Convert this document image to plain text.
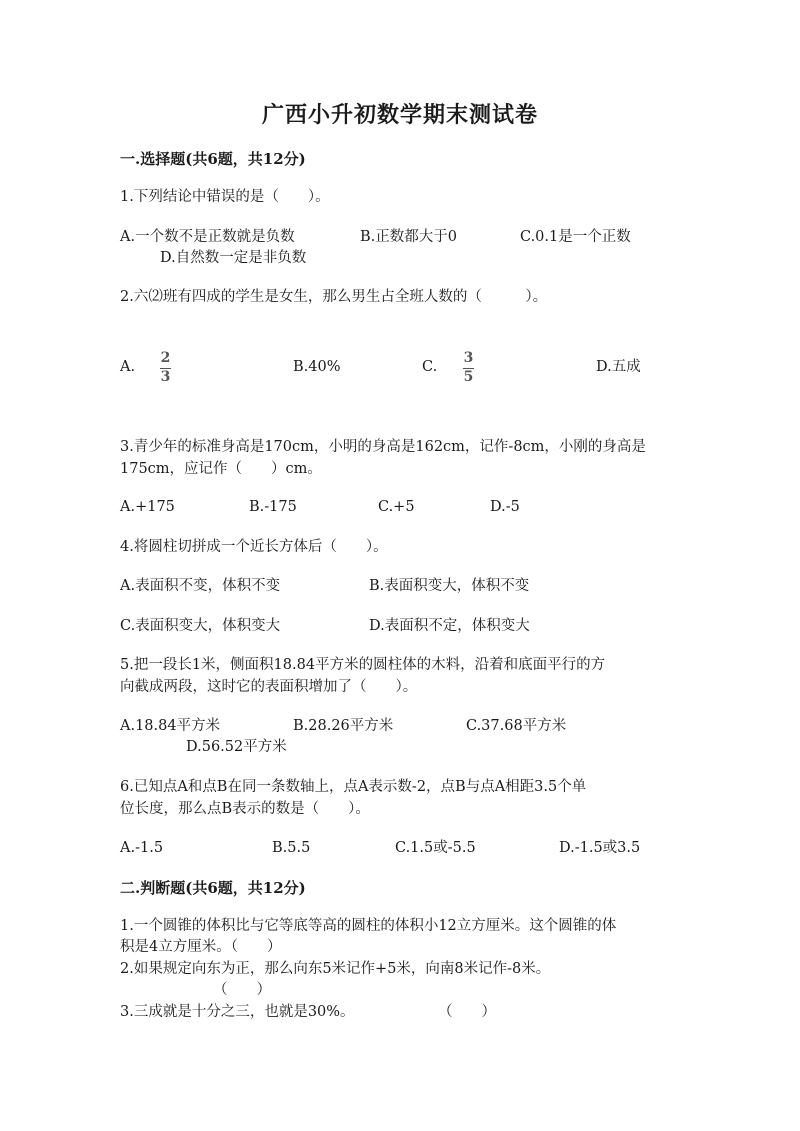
广西小升初数学期末测试卷
一.选择题(共6题，共12分)
1.下列结论中错误的是（　　）。
A.一个数不是正数就是负数	B.正数都大于0	C.0.1是一个正数
D.自然数一定是非负数
2.六⑵班有四成的学生是女生，那么男生占全班人数的（　　　）。
A.
2
3
B.40%	C.
3
5
D.五成
3.青少年的标准身高是170cm，小明的身高是162cm，记作-8cm，小刚的身高是
175cm，应记作（　　）cm。
A.+175	B.-175	C.+5	D.-5
4.将圆柱切拼成一个近长方体后（　　）。
A.表面积不变，体积不变	B.表面积变大，体积不变
C.表面积变大，体积变大	D.表面积不定，体积变大
5.把一段长1米，侧面积18.84平方米的圆柱体的木料，沿着和底面平行的方
向截成两段，这时它的表面积增加了（　　）。
A.18.84平方米	B.28.26平方米	C.37.68平方米
D.56.52平方米
6.已知点A和点B在同一条数轴上，点A表示数-2，点B与点A相距3.5个单
位长度，那么点B表示的数是（　　）。
A.-1.5	B.5.5	C.1.5或-5.5	D.-1.5或3.5
二.判断题(共6题，共12分)
1.一个圆锥的体积比与它等底等高的圆柱的体积小12立方厘米。这个圆锥的体
积是4立方厘米。（　　）
2.如果规定向东为正，那么向东5米记作+5米，向南8米记作-8米。
（　　）
3.三成就是十分之三，也就是30%。	（　　）
